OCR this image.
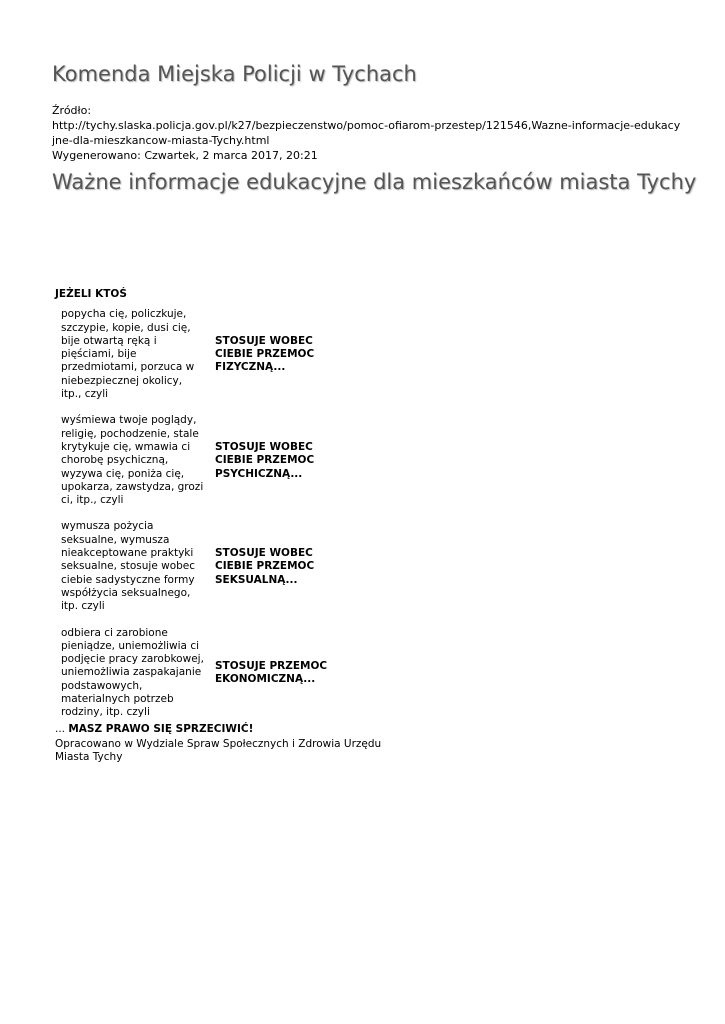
Komenda Miejska Policji w Tychach
Źródło:
http://tychy.slaska.policja.gov.pl/k27/bezpieczenstwo/pomoc-ofiarom-przestep/121546,Wazne-informacje-edukacyjne-dla-mieszkancow-miasta-Tychy.html
Wygenerowano: Czwartek, 2 marca 2017, 20:21
Ważne informacje edukacyjne dla mieszkańców miasta Tychy
JEŻELI KTOŚ
popycha cię, policzkuje, szczypie, kopie, dusi cię, bije otwartą ręką i pięściami, bije przedmiotami, porzuca w niebezpiecznej okolicy, itp., czyli
STOSUJE WOBEC CIEBIE PRZEMOC FIZYCZNĄ...
wyśmiewa twoje poglądy, religię, pochodzenie, stale krytykuje cię, wmawia ci chorobę psychiczną, wyzywa cię, poniża cię, upokarza, zawstydza, grozi ci, itp., czyli
STOSUJE WOBEC CIEBIE PRZEMOC PSYCHICZNĄ...
wymusza pożycia seksualne, wymusza nieakceptowane praktyki seksualne, stosuje wobec ciebie sadystyczne formy współżycia seksualnego, itp. czyli
STOSUJE WOBEC CIEBIE PRZEMOC SEKSUALNĄ...
odbiera ci zarobione pieniądze, uniemożliwia ci podjęcie pracy zarobkowej, uniemożliwia zaspakajanie podstawowych, materialnych potrzeb rodziny, itp. czyli
STOSUJE PRZEMOC EKONOMICZNĄ...
... MASZ PRAWO SIĘ SPRZECIWIĆ!
Opracowano w Wydziale Spraw Społecznych i Zdrowia Urzędu Miasta Tychy
